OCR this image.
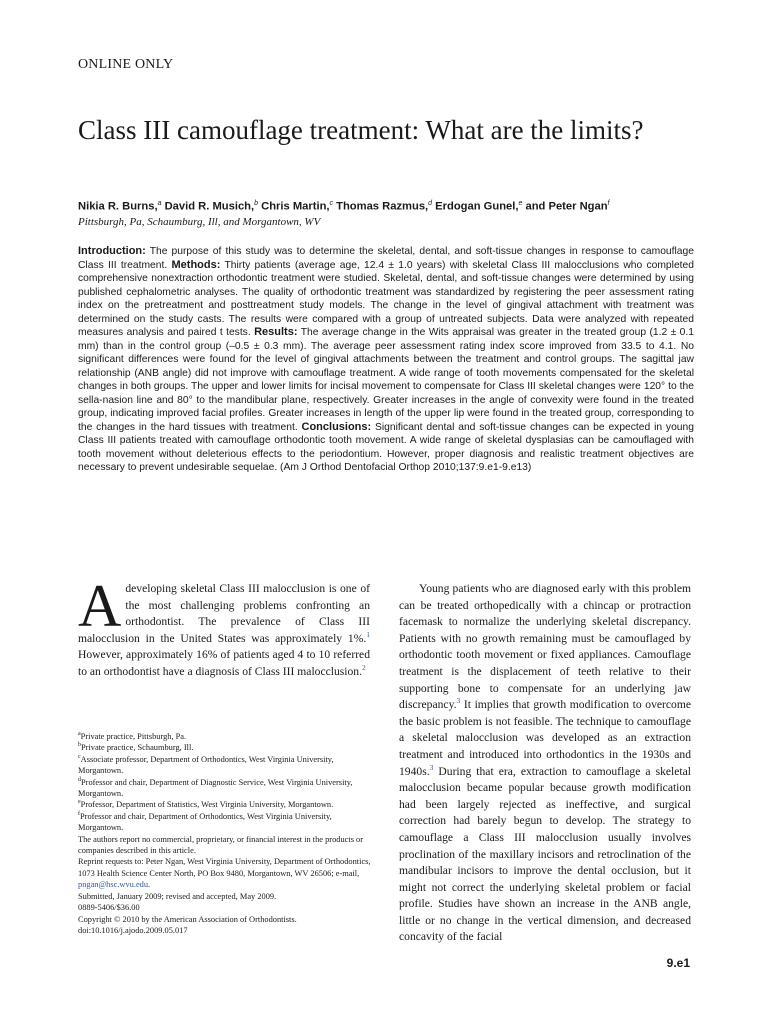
ONLINE ONLY
Class III camouflage treatment: What are the limits?
Nikia R. Burns,$^a$ David R. Musich,$^b$ Chris Martin,$^c$ Thomas Razmus,$^d$ Erdogan Gunel,$^e$ and Peter Ngan$^f$
Pittsburgh, Pa, Schaumburg, Ill, and Morgantown, WV
Introduction: The purpose of this study was to determine the skeletal, dental, and soft-tissue changes in response to camouflage Class III treatment. Methods: Thirty patients (average age, 12.4 ± 1.0 years) with skeletal Class III malocclusions who completed comprehensive nonextraction orthodontic treatment were studied. Skeletal, dental, and soft-tissue changes were determined by using published cephalometric analyses. The quality of orthodontic treatment was standardized by registering the peer assessment rating index on the pretreatment and posttreatment study models. The change in the level of gingival attachment with treatment was determined on the study casts. The results were compared with a group of untreated subjects. Data were analyzed with repeated measures analysis and paired t tests. Results: The average change in the Wits appraisal was greater in the treated group (1.2 ± 0.1 mm) than in the control group (–0.5 ± 0.3 mm). The average peer assessment rating index score improved from 33.5 to 4.1. No significant differences were found for the level of gingival attachments between the treatment and control groups. The sagittal jaw relationship (ANB angle) did not improve with camouflage treatment. A wide range of tooth movements compensated for the skeletal changes in both groups. The upper and lower limits for incisal movement to compensate for Class III skeletal changes were 120° to the sella-nasion line and 80° to the mandibular plane, respectively. Greater increases in the angle of convexity were found in the treated group, indicating improved facial profiles. Greater increases in length of the upper lip were found in the treated group, corresponding to the changes in the hard tissues with treatment. Conclusions: Significant dental and soft-tissue changes can be expected in young Class III patients treated with camouflage orthodontic tooth movement. A wide range of skeletal dysplasias can be camouflaged with tooth movement without deleterious effects to the periodontium. However, proper diagnosis and realistic treatment objectives are necessary to prevent undesirable sequelae. (Am J Orthod Dentofacial Orthop 2010;137:9.e1-9.e13)
A developing skeletal Class III malocclusion is one of the most challenging problems confronting an orthodontist. The prevalence of Class III malocclusion in the United States was approximately 1%.$^1$ However, approximately 16% of patients aged 4 to 10 referred to an orthodontist have a diagnosis of Class III malocclusion.$^2$

$^a$Private practice, Pittsburgh, Pa.

$^b$Private practice, Schaumburg, Ill.

$^c$Associate professor, Department of Orthodontics, West Virginia University, Morgantown.

$^d$Professor and chair, Department of Diagnostic Service, West Virginia University, Morgantown.

$^e$Professor, Department of Statistics, West Virginia University, Morgantown.

$^f$Professor and chair, Department of Orthodontics, West Virginia University, Morgantown.

The authors report no commercial, proprietary, or financial interest in the products or companies described in this article.

Reprint requests to: Peter Ngan, West Virginia University, Department of Orthodontics, 1073 Health Science Center North, PO Box 9480, Morgantown, WV 26506; e-mail, pngan@hsc.wvu.edu.

Submitted, January 2009; revised and accepted, May 2009.

0889-5406/$36.00

Copyright © 2010 by the American Association of Orthodontists.

doi:10.1016/j.ajodo.2009.05.017

Young patients who are diagnosed early with this problem can be treated orthopedically with a chincap or protraction facemask to normalize the underlying skeletal discrepancy. Patients with no growth remaining must be camouflaged by orthodontic tooth movement or fixed appliances. Camouflage treatment is the displacement of teeth relative to their supporting bone to compensate for an underlying jaw discrepancy.$^3$ It implies that growth modification to overcome the basic problem is not feasible. The technique to camouflage a skeletal malocclusion was developed as an extraction treatment and introduced into orthodontics in the 1930s and 1940s.$^3$ During that era, extraction to camouflage a skeletal malocclusion became popular because growth modification had been largely rejected as ineffective, and surgical correction had barely begun to develop. The strategy to camouflage a Class III malocclusion usually involves proclination of the maxillary incisors and retroclination of the mandibular incisors to improve the dental occlusion, but it might not correct the underlying skeletal problem or facial profile. Studies have shown an increase in the ANB angle, little or no change in the vertical dimension, and decreased concavity of the facial
9.e1
